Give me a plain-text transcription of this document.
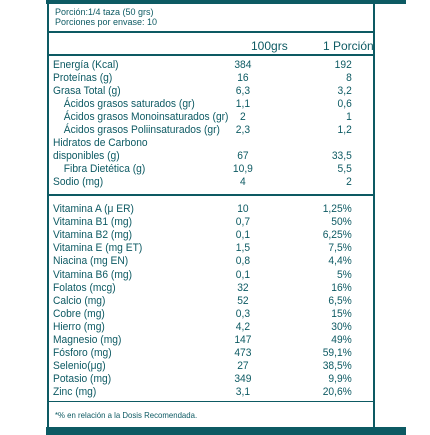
Porción:1/4 taza (50 grs)
Porciones por envase: 10
100grs	1 Porción
Energía (Kcal)	384	192
Proteínas (g)	16	8
Grasa Total (g)	6,3	3,2
Ácidos grasos saturados (gr)	1,1	0,6
Ácidos grasos Monoinsaturados (gr)	2	1
Ácidos grasos Poliinsaturados (gr)	2,3	1,2
Hidratos de Carbono
disponibles (g)	67	33,5
Fibra Dietética (g)	10,9	5,5
Sodio (mg)	4	2
Vitamina A (μ ER)	10	1,25%
Vitamina B1 (mg)	0,7	50%
Vitamina B2 (mg)	0,1	6,25%
Vitamina E (mg ET)	1,5	7,5%
Niacina (mg EN)	0,8	4,4%
Vitamina B6 (mg)	0,1	5%
Folatos (mcg)	32	16%
Calcio (mg)	52	6,5%
Cobre (mg)	0,3	15%
Hierro (mg)	4,2	30%
Magnesio (mg)	147	49%
Fósforo (mg)	473	59,1%
Selenio(μg)	27	38,5%
Potasio (mg)	349	9,9%
Zinc (mg)	3,1	20,6%
*% en relación a la Dosis Recomendada.
